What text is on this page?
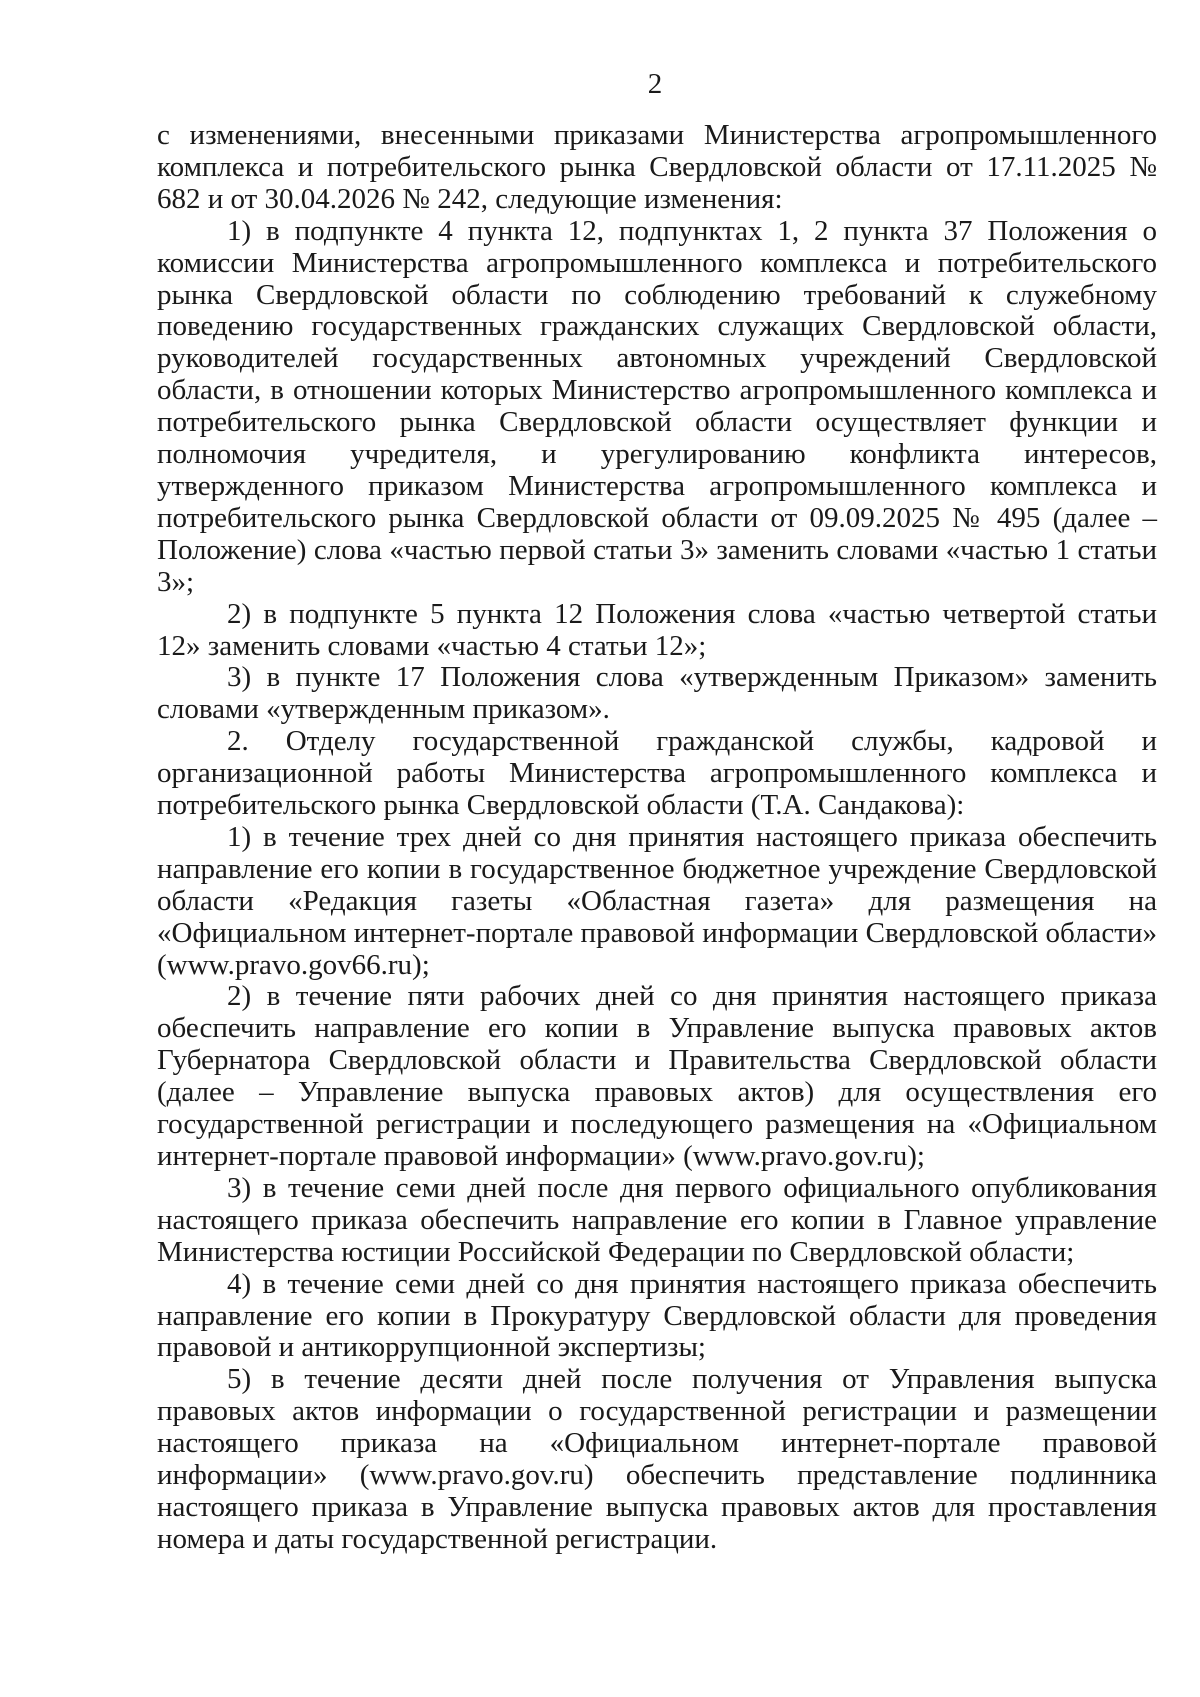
2

с изменениями, внесенными приказами Министерства агропромышленного комплекса и потребительского рынка Свердловской области от 17.11.2025 № 682 и от 30.04.2026 № 242, следующие изменения:

1) в подпункте 4 пункта 12, подпунктах 1, 2 пункта 37 Положения о комиссии Министерства агропромышленного комплекса и потребительского рынка Свердловской области по соблюдению требований к служебному поведению государственных гражданских служащих Свердловской области, руководителей государственных автономных учреждений Свердловской области, в отношении которых Министерство агропромышленного комплекса и потребительского рынка Свердловской области осуществляет функции и полномочия учредителя, и урегулированию конфликта интересов, утвержденного приказом Министерства агропромышленного комплекса и потребительского рынка Свердловской области от 09.09.2025 № 495 (далее – Положение) слова «частью первой статьи 3» заменить словами «частью 1 статьи 3»;

2) в подпункте 5 пункта 12 Положения слова «частью четвертой статьи 12» заменить словами «частью 4 статьи 12»;

3) в пункте 17 Положения слова «утвержденным Приказом» заменить словами «утвержденным приказом».

2. Отделу государственной гражданской службы, кадровой и организационной работы Министерства агропромышленного комплекса и потребительского рынка Свердловской области (Т.А. Сандакова):

1) в течение трех дней со дня принятия настоящего приказа обеспечить направление его копии в государственное бюджетное учреждение Свердловской области «Редакция газеты «Областная газета» для размещения на «Официальном интернет-портале правовой информации Свердловской области» (www.pravo.gov66.ru);

2) в течение пяти рабочих дней со дня принятия настоящего приказа обеспечить направление его копии в Управление выпуска правовых актов Губернатора Свердловской области и Правительства Свердловской области (далее – Управление выпуска правовых актов) для осуществления его государственной регистрации и последующего размещения на «Официальном интернет-портале правовой информации» (www.pravo.gov.ru);

3) в течение семи дней после дня первого официального опубликования настоящего приказа обеспечить направление его копии в Главное управление Министерства юстиции Российской Федерации по Свердловской области;

4) в течение семи дней со дня принятия настоящего приказа обеспечить направление его копии в Прокуратуру Свердловской области для проведения правовой и антикоррупционной экспертизы;

5) в течение десяти дней после получения от Управления выпуска правовых актов информации о государственной регистрации и размещении настоящего приказа на «Официальном интернет-портале правовой информации» (www.pravo.gov.ru) обеспечить представление подлинника настоящего приказа в Управление выпуска правовых актов для проставления номера и даты государственной регистрации.
